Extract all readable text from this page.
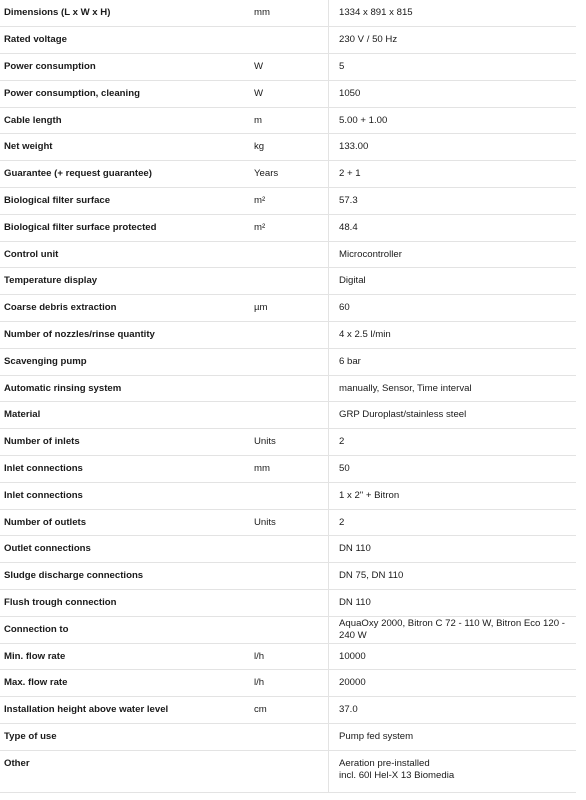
Dimensions (L x W x H)	mm	1334 x 891 x 815
Rated voltage		230 V / 50 Hz
Power consumption	W	5
Power consumption, cleaning	W	1050
Cable length	m	5.00 + 1.00
Net weight	kg	133.00
Guarantee (+ request guarantee)	Years	2 + 1
Biological filter surface	m²	57.3
Biological filter surface protected	m²	48.4
Control unit		Microcontroller
Temperature display		Digital
Coarse debris extraction	µm	60
Number of nozzles/rinse quantity		4 x 2.5 l/min
Scavenging pump		6 bar
Automatic rinsing system		manually, Sensor, Time interval
Material		GRP Duroplast/stainless steel
Number of inlets	Units	2
Inlet connections	mm	50
Inlet connections		1 x 2" + Bitron
Number of outlets	Units	2
Outlet connections		DN 110
Sludge discharge connections		DN 75, DN 110
Flush trough connection		DN 110
Connection to		AquaOxy 2000, Bitron C 72 - 110 W, Bitron Eco 120 - 240 W
Min. flow rate	l/h	10000
Max. flow rate	l/h	20000
Installation height above water level	cm	37.0
Type of use		Pump fed system
Other		Aeration pre-installed
incl. 60l Hel-X 13 Biomedia
